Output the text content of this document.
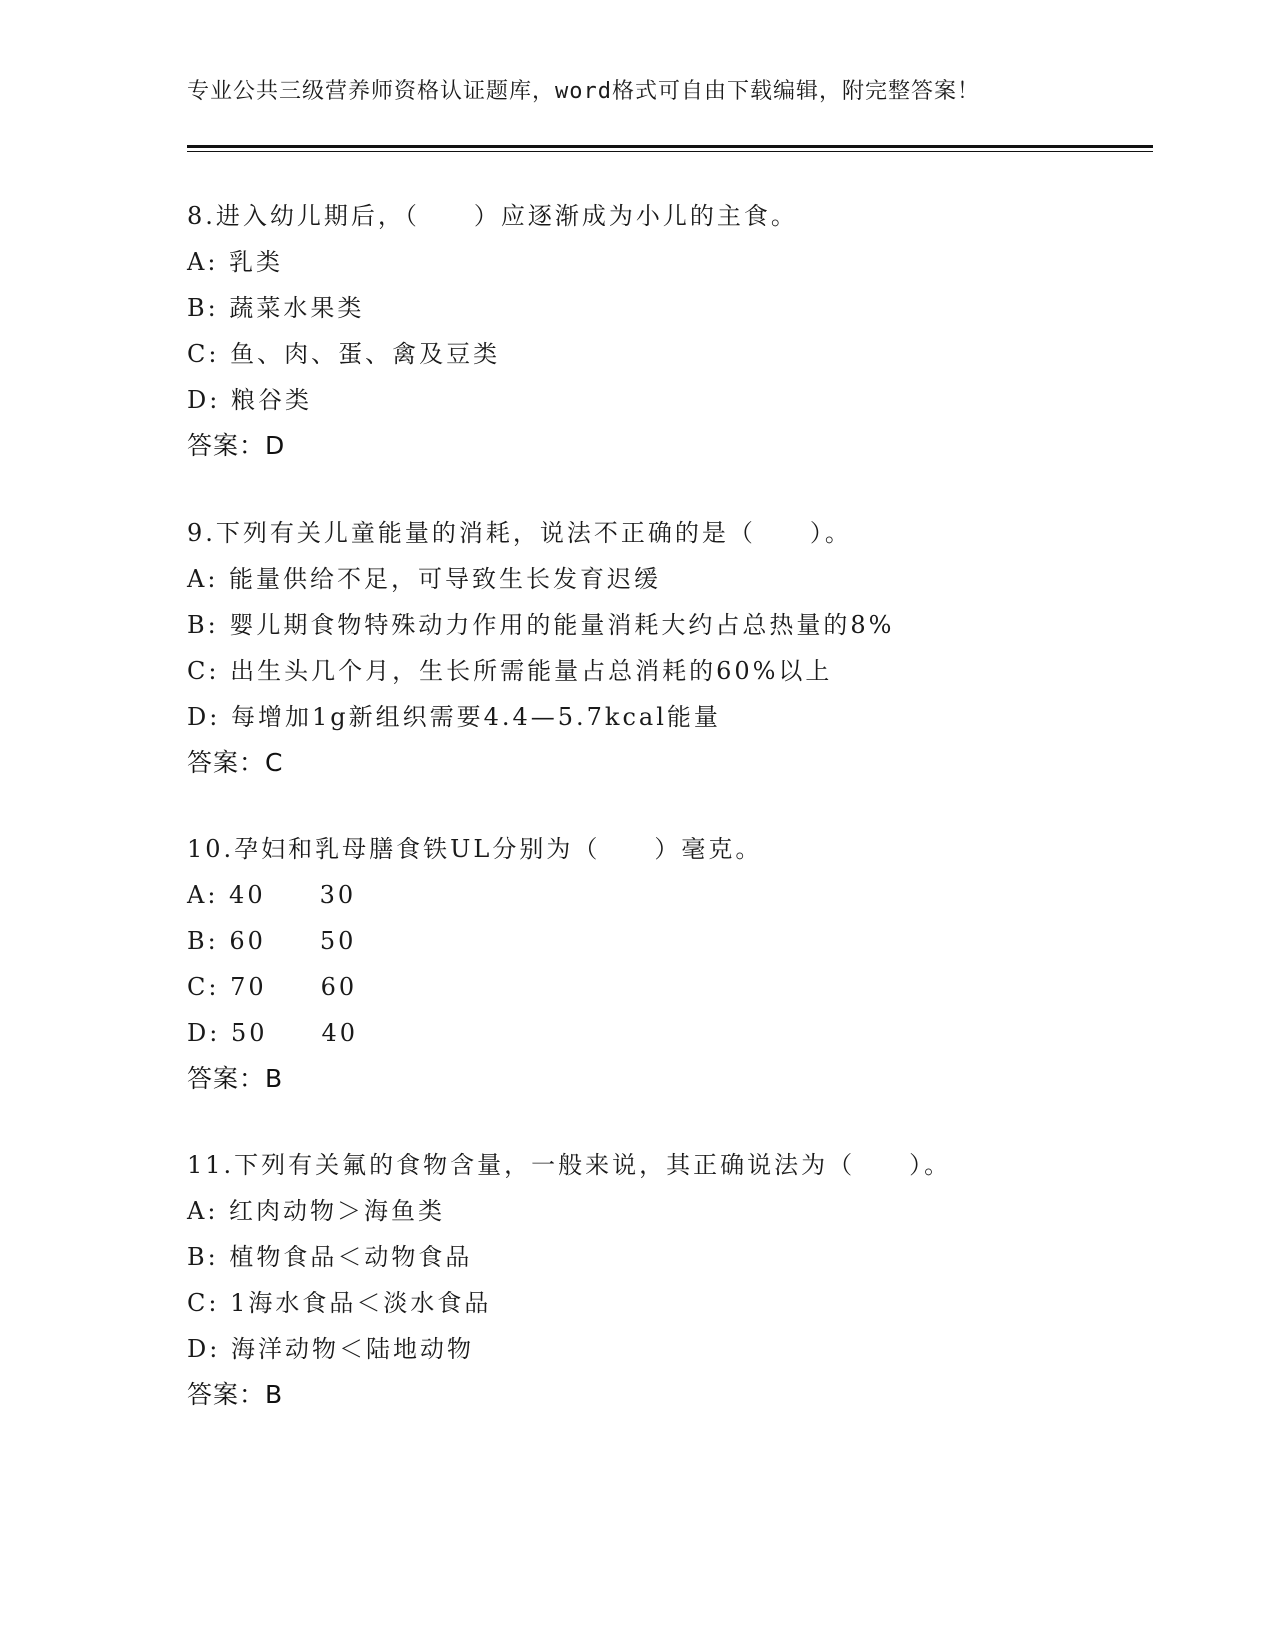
专业公共三级营养师资格认证题库，word格式可自由下载编辑，附完整答案！
8.进入幼儿期后，（　　）应逐渐成为小儿的主食。
A: 乳类
B: 蔬菜水果类
C: 鱼、肉、蛋、禽及豆类
D: 粮谷类
答案：D
9.下列有关儿童能量的消耗，说法不正确的是（　　）。
A: 能量供给不足，可导致生长发育迟缓
B: 婴儿期食物特殊动力作用的能量消耗大约占总热量的8%
C: 出生头几个月，生长所需能量占总消耗的60%以上
D: 每增加1g新组织需要4.4—5.7kcal能量
答案：C
10.孕妇和乳母膳食铁UL分别为（　　）毫克。
A: 40　　30
B: 60　　50
C: 70　　60
D: 50　　40
答案：B
11.下列有关氟的食物含量，一般来说，其正确说法为（　　）。
A: 红肉动物＞海鱼类
B: 植物食品＜动物食品
C: 1海水食品＜淡水食品
D: 海洋动物＜陆地动物
答案：B
